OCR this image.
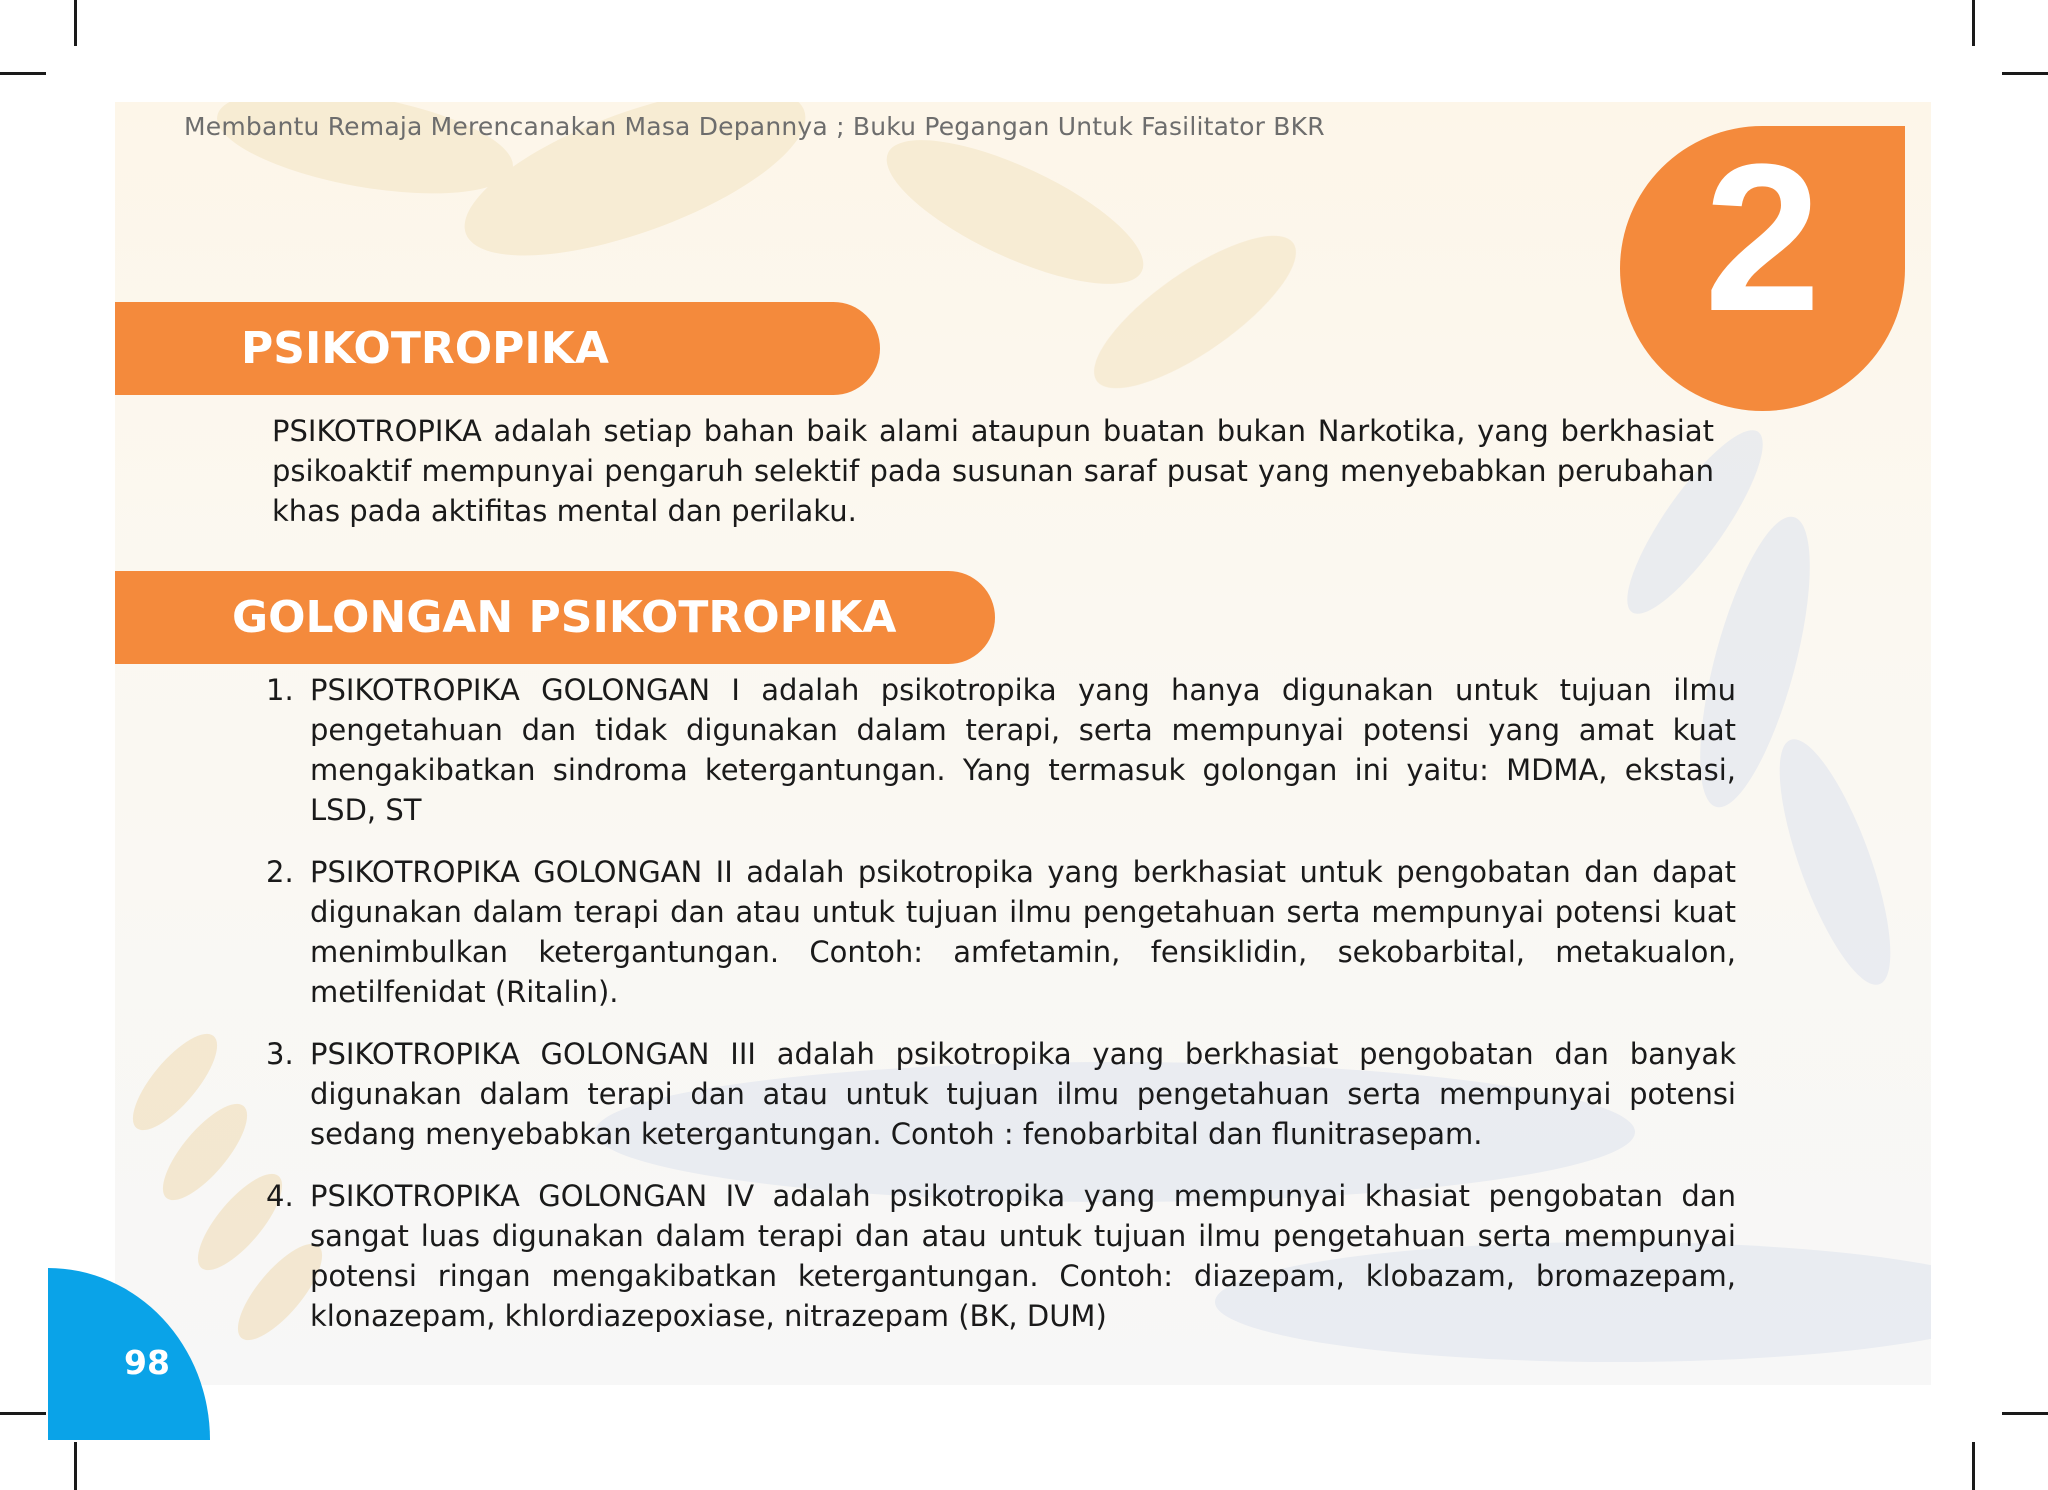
Membantu Remaja Merencanakan Masa Depannya ; Buku Pegangan Untuk Fasilitator BKR 2
PSIKOTROPIKA

PSIKOTROPIKA adalah setiap bahan baik alami ataupun buatan bukan Narkotika, yang berkhasiat psikoaktif mempunyai pengaruh selektif pada susunan saraf pusat yang menyebabkan perubahan khas pada aktifitas mental dan perilaku.

GOLONGAN PSIKOTROPIKA
1. PSIKOTROPIKA GOLONGAN I adalah psikotropika yang hanya digunakan untuk tujuan ilmu pengetahuan dan tidak digunakan dalam terapi, serta mempunyai potensi yang amat kuat mengakibatkan sindroma ketergantungan. Yang termasuk golongan ini yaitu: MDMA, ekstasi, LSD, ST
2. PSIKOTROPIKA GOLONGAN II adalah psikotropika yang berkhasiat untuk pengobatan dan dapat digunakan dalam terapi dan atau untuk tujuan ilmu pengetahuan serta mempunyai potensi kuat menimbulkan ketergantungan. Contoh: amfetamin, fensiklidin, sekobarbital, metakualon, metilfenidat (Ritalin).
3. PSIKOTROPIKA GOLONGAN III adalah psikotropika yang berkhasiat pengobatan dan banyak digunakan dalam terapi dan atau untuk tujuan ilmu pengetahuan serta mempunyai potensi sedang menyebabkan ketergantungan. Contoh : fenobarbital dan flunitrasepam.
4. PSIKOTROPIKA GOLONGAN IV adalah psikotropika yang mempunyai khasiat pengobatan dan sangat luas digunakan dalam terapi dan atau untuk tujuan ilmu pengetahuan serta mempunyai potensi ringan mengakibatkan ketergantungan. Contoh: diazepam, klobazam, bromazepam, klonazepam, khlordiazepoxiase, nitrazepam (BK, DUM)
98
